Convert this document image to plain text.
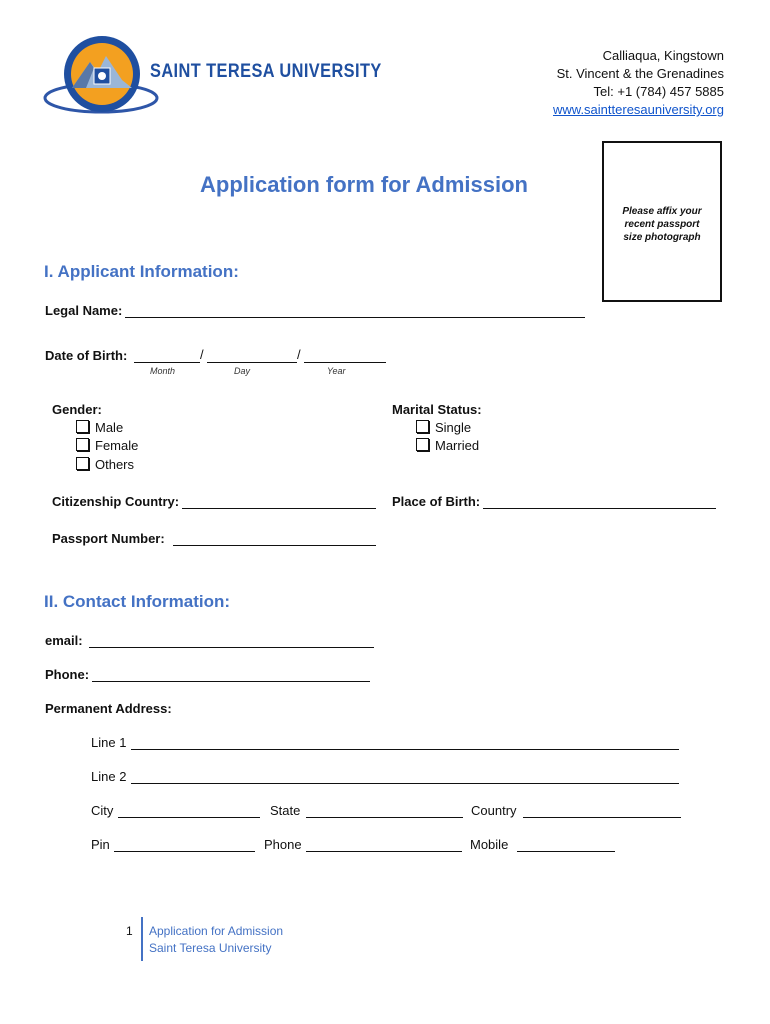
SAINT TERESA UNIVERSITY
Calliaqua, Kingstown
St. Vincent & the Grenadines
Tel: +1 (784) 457 5885
www.saintteresauniversity.org
Please affix your recent passport size photograph
Application form for Admission
I. Applicant Information:
Legal Name:
Date of Birth:	/	/
Month	Day	Year
Gender:
Male
Female
Others
Marital Status:
Single
Married
Citizenship Country:	Place of Birth:
Passport Number:
II. Contact Information:
email:
Phone:
Permanent Address:
Line 1
Line 2
City	State	Country
Pin	Phone	Mobile
1 Application for Admission
Saint Teresa University
